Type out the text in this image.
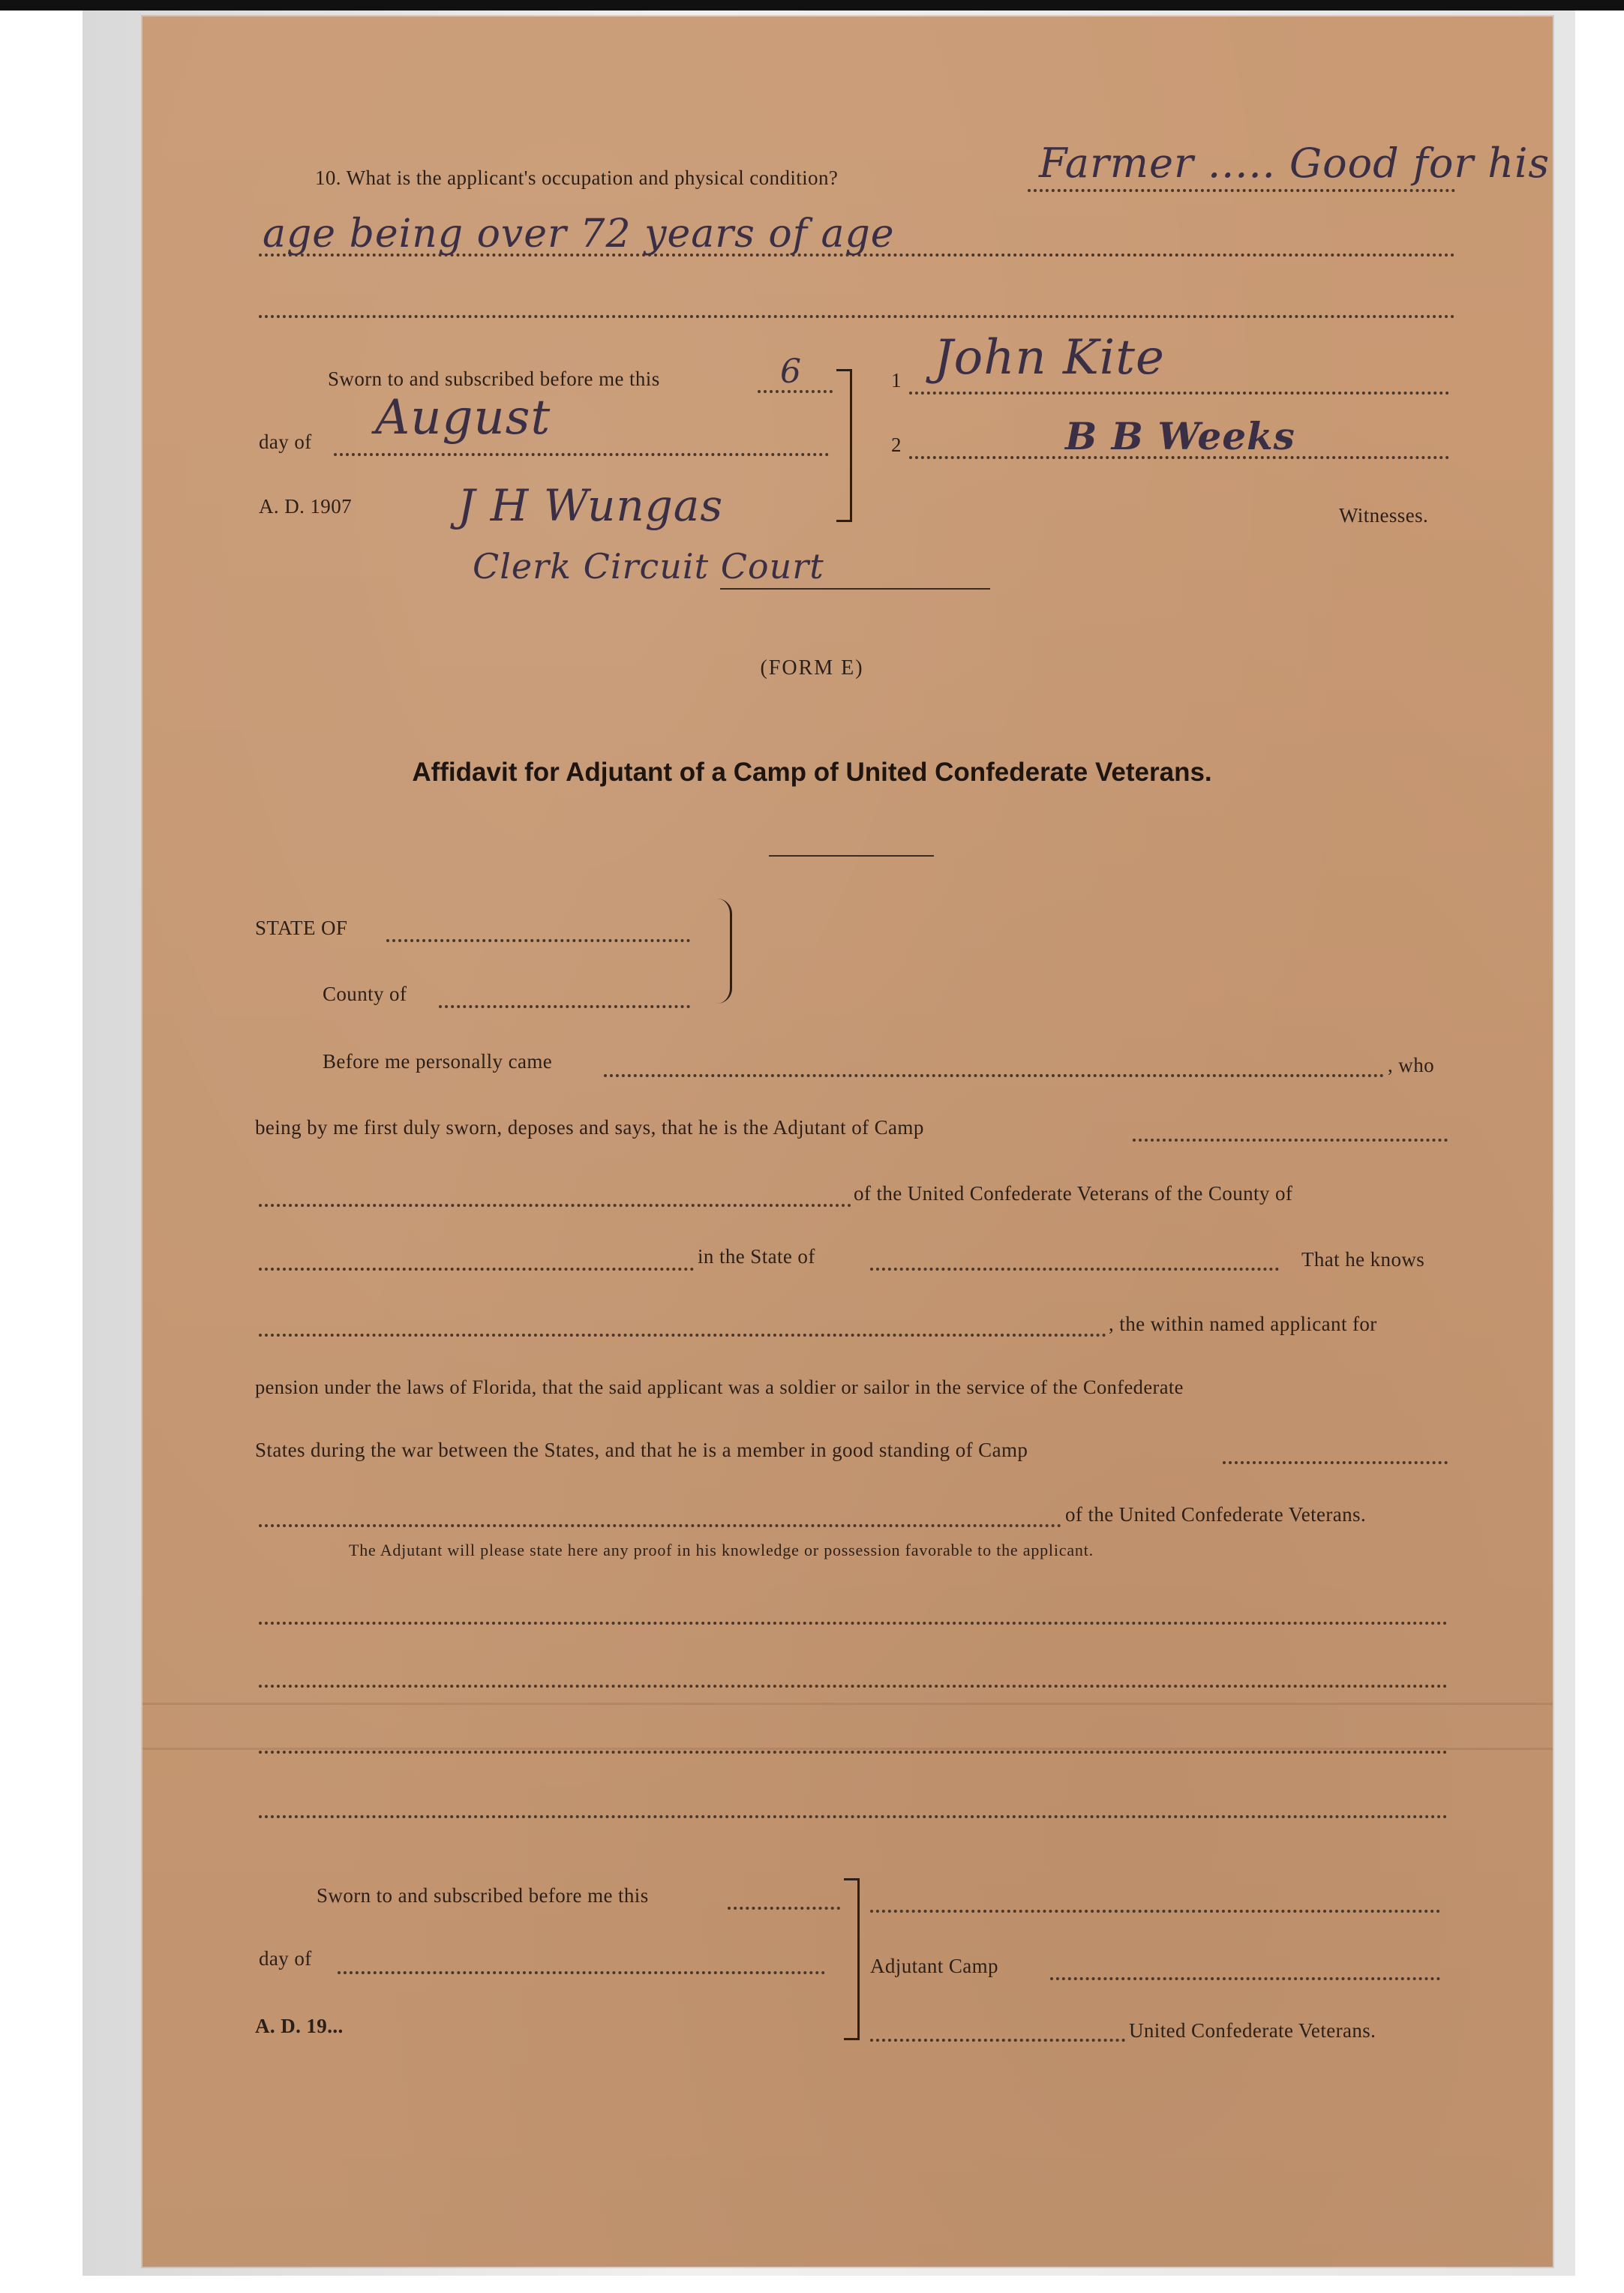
10. What is the applicant's occupation and physical condition?	Farmer ..... Good for his
age being over 72 years of age
Sworn to and subscribed before me this	6
day of August
A. D. 1907 J H Wungas
Clerk Circuit Court
1 John Kite
2	B B Weeks
Witnesses.
(FORM E)
Affidavit for Adjutant of a Camp of United Confederate Veterans.
STATE OF
County of
Before me personally came	, who
being by me first duly sworn, deposes and says, that he is the Adjutant of Camp
of the United Confederate Veterans of the County of
in the State of	That he knows
, the within named applicant for
pension under the laws of Florida, that the said applicant was a soldier or sailor in the service of the Confederate
States during the war between the States, and that he is a member in good standing of Camp
of the United Confederate Veterans.
The Adjutant will please state here any proof in his knowledge or possession favorable to the applicant.
Sworn to and subscribed before me this
day of
A. D. 19...
Adjutant Camp
United Confederate Veterans.
